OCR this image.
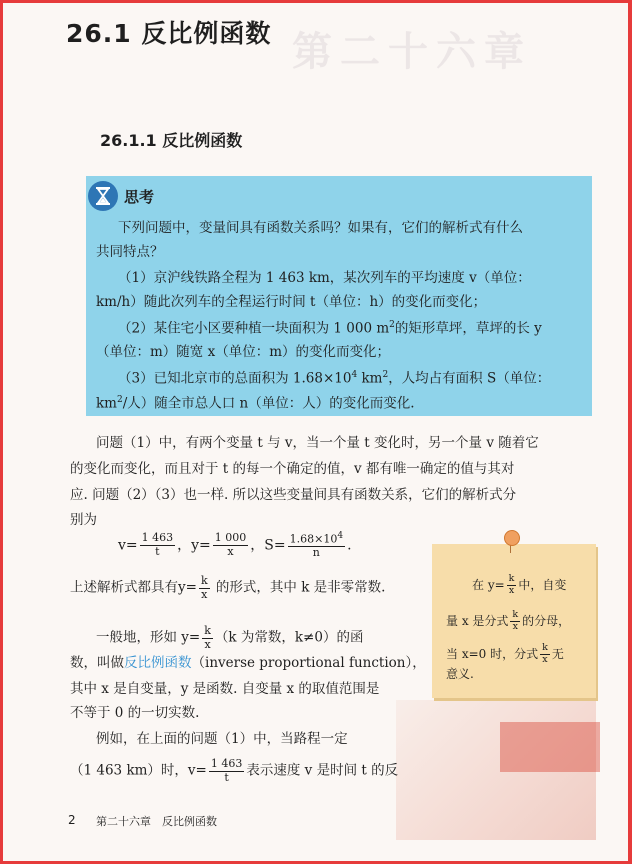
第二十六章
26.1 反比例函数
26.1.1 反比例函数
思考
下列问题中，变量间具有函数关系吗？如果有，它们的解析式有什么
共同特点？
（1）京沪线铁路全程为 1 463 km，某次列车的平均速度 v（单位：
km/h）随此次列车的全程运行时间 t（单位：h）的变化而变化；
（2）某住宅小区要种植一块面积为 1 000 $m^2$的矩形草坪，草坪的长 y
（单位：m）随宽 x（单位：m）的变化而变化；
（3）已知北京市的总面积为 $1.68\times 10^4$ $km^2$，人均占有面积 S（单位：
$km^2/$人）随全市总人口 n（单位：人）的变化而变化.
问题（1）中，有两个变量 t 与 v，当一个量 t 变化时，另一个量 v 随着它
的变化而变化，而且对于 t 的每一个确定的值，v 都有唯一确定的值与其对
应. 问题（2）（3）也一样. 所以这些变量间具有函数关系，它们的解析式分
别为
$v= \frac{1 463}{t}$ ，$y= \frac{1 000}{x}$ ，$S= \frac{1.68\times 10^4}{n}$ .
上述解析式都具有$y= \frac{k}{x}$ 的形式，其中 k 是非零常数.
一般地，形如 $y= \frac{k}{x} (k$ 为常数，k≠0）的函
数，叫做反比例函数（inverse proportional function），
其中 x 是自变量，y 是函数. 自变量 x 的取值范围是
不等于 0 的一切实数.
例如，在上面的问题（1）中，当路程一定
（1 463 km）时，$v= \frac{1 463}{t}$ 表示速度 v 是时间 t 的反
在 $y= \frac{k}{x}$ 中，自变
量 x 是分式 $\frac{k}{x}$ 的分母，
当 x=0 时，分式 $\frac{k}{x}$ 无
意义.
2 第二十六章　反比例函数
